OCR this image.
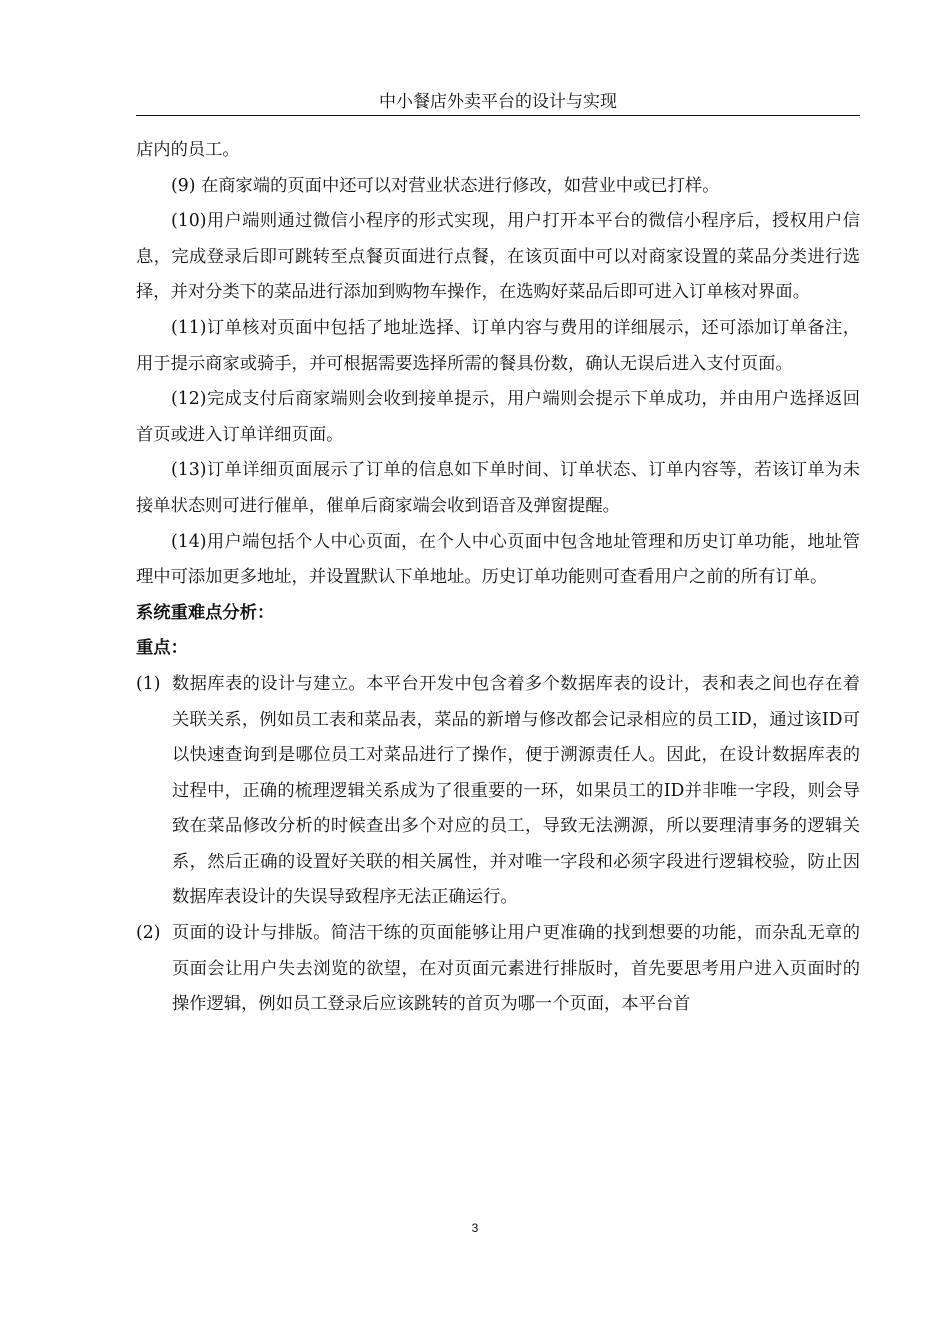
中小餐店外卖平台的设计与实现

店内的员工。

(9) 在商家端的页面中还可以对营业状态进行修改，如营业中或已打样。

(10)用户端则通过微信小程序的形式实现，用户打开本平台的微信小程序后，授权用户信息，完成登录后即可跳转至点餐页面进行点餐，在该页面中可以对商家设置的菜品分类进行选择，并对分类下的菜品进行添加到购物车操作，在选购好菜品后即可进入订单核对界面。

(11)订单核对页面中包括了地址选择、订单内容与费用的详细展示，还可添加订单备注，用于提示商家或骑手，并可根据需要选择所需的餐具份数，确认无误后进入支付页面。

(12)完成支付后商家端则会收到接单提示，用户端则会提示下单成功，并由用户选择返回首页或进入订单详细页面。

(13)订单详细页面展示了订单的信息如下单时间、订单状态、订单内容等，若该订单为未接单状态则可进行催单，催单后商家端会收到语音及弹窗提醒。

(14)用户端包括个人中心页面，在个人中心页面中包含地址管理和历史订单功能，地址管理中可添加更多地址，并设置默认下单地址。历史订单功能则可查看用户之前的所有订单。

系统重难点分析：

重点：

(1) 数据库表的设计与建立。本平台开发中包含着多个数据库表的设计，表和表之间也存在着关联关系，例如员工表和菜品表，菜品的新增与修改都会记录相应的员工ID，通过该ID可以快速查询到是哪位员工对菜品进行了操作，便于溯源责任人。因此，在设计数据库表的过程中，正确的梳理逻辑关系成为了很重要的一环，如果员工的ID并非唯一字段，则会导致在菜品修改分析的时候查出多个对应的员工，导致无法溯源，所以要理清事务的逻辑关系，然后正确的设置好关联的相关属性，并对唯一字段和必须字段进行逻辑校验，防止因数据库表设计的失误导致程序无法正确运行。
(2) 页面的设计与排版。简洁干练的页面能够让用户更准确的找到想要的功能，而杂乱无章的页面会让用户失去浏览的欲望，在对页面元素进行排版时，首先要思考用户进入页面时的操作逻辑，例如员工登录后应该跳转的首页为哪一个页面，本平台首
3
